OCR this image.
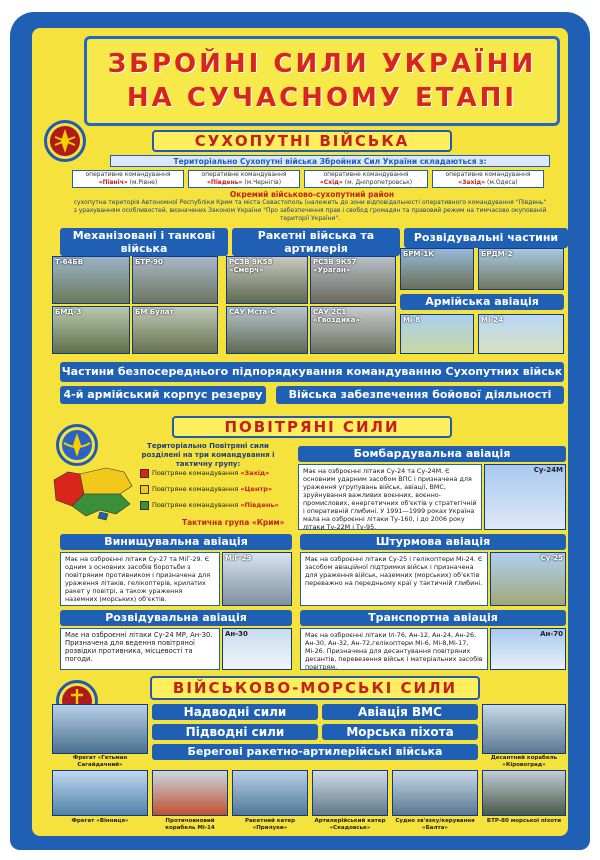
ЗБРОЙНІ СИЛИ УКРАЇНИ
НА СУЧАСНОМУ ЕТАПІ
СУХОПУТНІ ВІЙСЬКА
Територіально Сухопутні війська Збройних Сил України складаються з:
оперативне командування
«Північ» (м.Рівне)
оперативне командування
«Південь» (м.Чернігів)
оперативне командування
«Схід» (м. Дніпропетровськ)
оперативне командування
«Захід» (м.Одеса)
Окремий військово-сухопутний район
сухопутна територія Автономної Республіки Крим та міста Севастополь (належить до зони відповідальності оперативного командування "Південь" з урахуванням особливостей, визначених Законом України "Про забезпечення прав і свобод громадян та правовий режим на тимчасово окупованій території України".
Механізовані і танкові війська
Ракетні війська та артилерія
Розвідувальні частини
Т-64БВ	БТР-90	РСЗВ 9К58 «Смерч»
РСЗВ 9К57 «Ураган»
БРМ-1К	БРДМ-2
БМД-3	БМ Булат	САУ Мста-С	САУ 2С1 «Гвоздика»
Армійська авіація
Мі-8	Мі-24
Частини безпосереднього підпорядкування командуванню Сухопутних військ
4-й армійський корпус резерву	Війська забезпечення бойової діяльності
ПОВІТРЯНІ СИЛИ
Територіально Повітряні сили розділені на три командування і тактичну групу:
Повітряне командування «Захід»
Повітряне командування «Центр»
Повітряне командування «Південь»
Тактична група «Крим»
Бомбардувальна авіація
Має на озброєнні літаки Су-24 та Су-24М. Є основним ударним засобом ВПС і призначена для ураження угрупувань військ, авіації, ВМС, зруйнування важливих воєнних, воєнно-промислових, енергетичних об'єктів у стратегічній і оперативній глибині. У 1991—1999 роках Україна мала на озброєнні літаки Ту-160, і до 2006 року літаки Ту-22М і Ту-95.
Су-24М
Винищувальна авіація
Має на озброєнні літаки Су-27 та МіГ-29. Є одним з основних засобів боротьби з повітряним противником і призначена для ураження літаків, гелікоптерів, крилатих ракет у повітрі, а також ураження наземних (морських) об'єктів.
МіГ-29
Штурмова авіація
Має на озброєнні літаки Су-25 і гелікоптери Мі-24. Є засобом авіаційної підтримки військ і призначена для ураження військ, наземних (морських) об'єктів переважно на передньому краї у тактичній глибині.
Су-25
Розвідувальна авіація
Має на озброєнні літаки Су-24 МР, Ан-30. Призначена для ведення повітряної розвідки противника, місцевості та погоди.
Ан-30
Транспортна авіація
Має на озброєнні літаки Іл-76, Ан-12, Ан-24, Ан-26, Ан-30, Ан-32, Ан-72,гелікоптери Мі-6, Мі-8,Мі-17, Мі-26. Призначена для десантування повітряних десантів, перевезення військ і матеріальних засобів повітрям.
Ан-70
ВІЙСЬКОВО-МОРСЬКІ СИЛИ
Фрегат «Гетьман Сагайдачний»
Надводні сили	Авіація ВМС
Підводні сили	Морська піхота
Берегові ракетно-артилерійські війська	Десантний корабель «Кіровоград»
Фрегат «Вінниця»	Протичовновий корабель Мі-14
Ракетний катер «Прилуки»
Артилерійський катер «Скадовськ»
Судно зв'язку/керування «Балта»
БТР-80 морської піхоти
